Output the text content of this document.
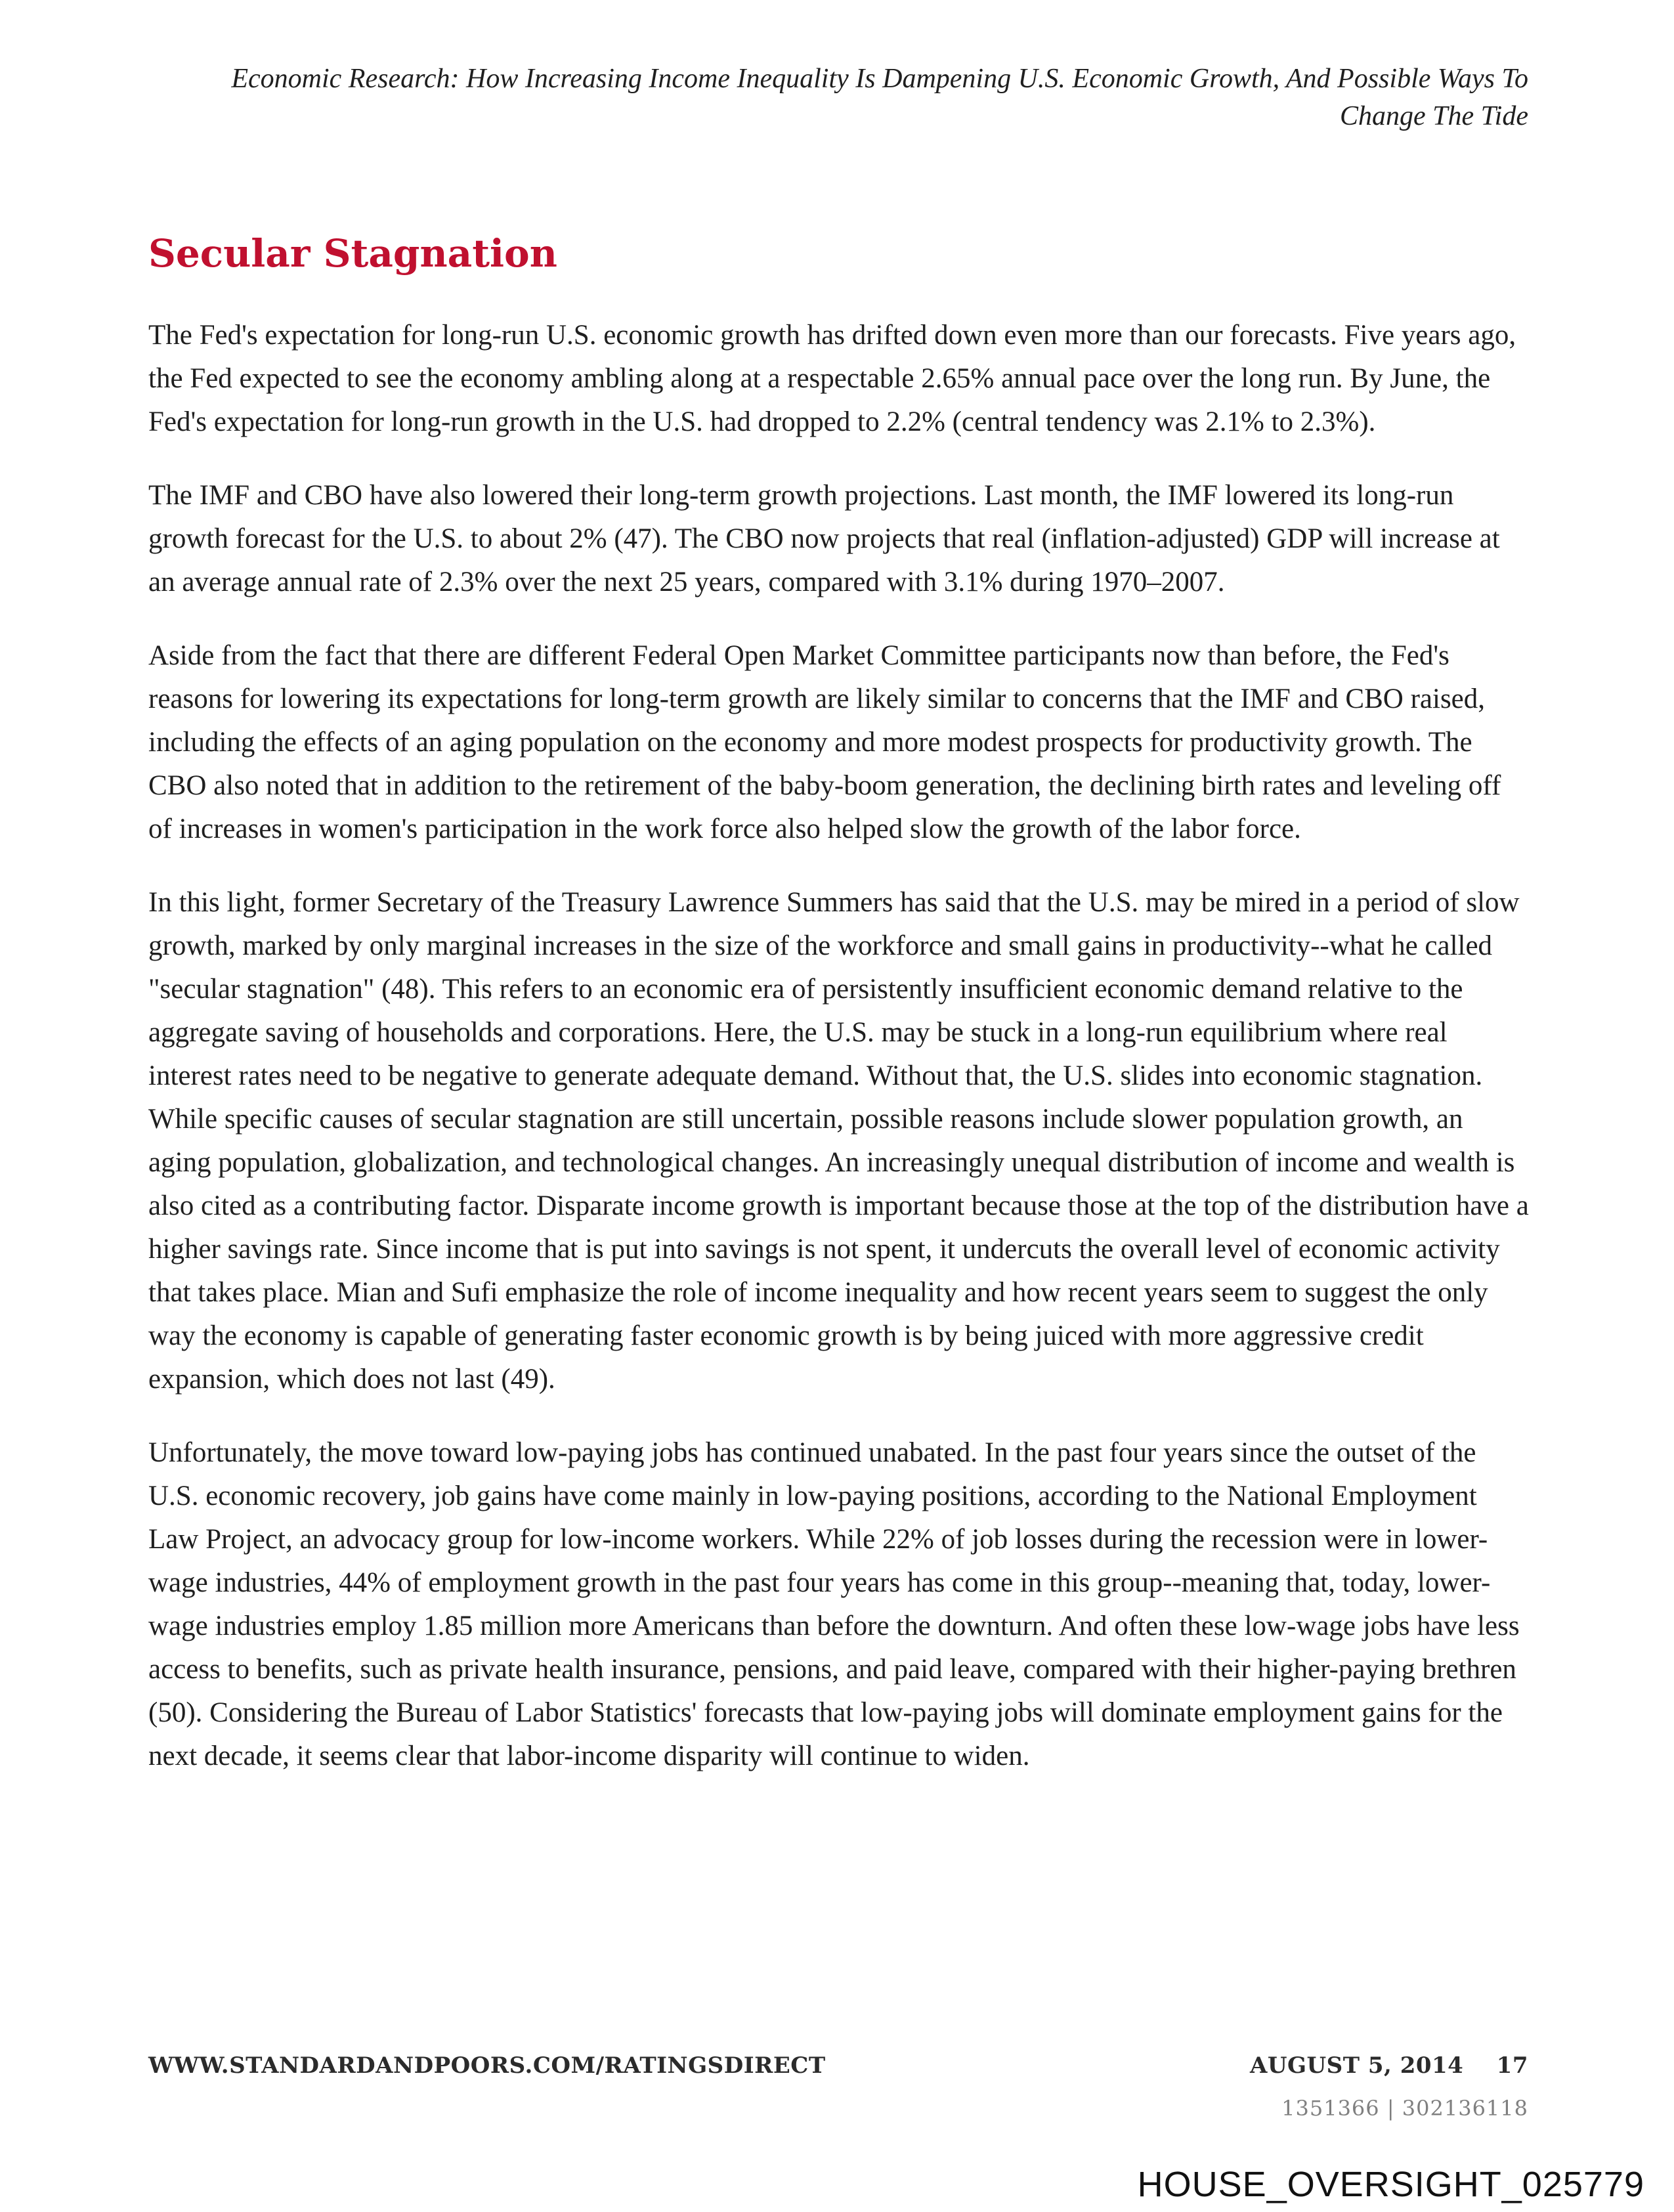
Economic Research: How Increasing Income Inequality Is Dampening U.S. Economic Growth, And Possible Ways To Change The Tide
Secular Stagnation

The Fed's expectation for long-run U.S. economic growth has drifted down even more than our forecasts. Five years ago, the Fed expected to see the economy ambling along at a respectable 2.65% annual pace over the long run. By June, the Fed's expectation for long-run growth in the U.S. had dropped to 2.2% (central tendency was 2.1% to 2.3%).

The IMF and CBO have also lowered their long-term growth projections. Last month, the IMF lowered its long-run growth forecast for the U.S. to about 2% (47). The CBO now projects that real (inflation-adjusted) GDP will increase at an average annual rate of 2.3% over the next 25 years, compared with 3.1% during 1970–2007.

Aside from the fact that there are different Federal Open Market Committee participants now than before, the Fed's reasons for lowering its expectations for long-term growth are likely similar to concerns that the IMF and CBO raised, including the effects of an aging population on the economy and more modest prospects for productivity growth. The CBO also noted that in addition to the retirement of the baby-boom generation, the declining birth rates and leveling off of increases in women's participation in the work force also helped slow the growth of the labor force.

In this light, former Secretary of the Treasury Lawrence Summers has said that the U.S. may be mired in a period of slow growth, marked by only marginal increases in the size of the workforce and small gains in productivity--what he called "secular stagnation" (48). This refers to an economic era of persistently insufficient economic demand relative to the aggregate saving of households and corporations. Here, the U.S. may be stuck in a long-run equilibrium where real interest rates need to be negative to generate adequate demand. Without that, the U.S. slides into economic stagnation. While specific causes of secular stagnation are still uncertain, possible reasons include slower population growth, an aging population, globalization, and technological changes. An increasingly unequal distribution of income and wealth is also cited as a contributing factor. Disparate income growth is important because those at the top of the distribution have a higher savings rate. Since income that is put into savings is not spent, it undercuts the overall level of economic activity that takes place. Mian and Sufi emphasize the role of income inequality and how recent years seem to suggest the only way the economy is capable of generating faster economic growth is by being juiced with more aggressive credit expansion, which does not last (49).

Unfortunately, the move toward low-paying jobs has continued unabated. In the past four years since the outset of the U.S. economic recovery, job gains have come mainly in low-paying positions, according to the National Employment Law Project, an advocacy group for low-income workers. While 22% of job losses during the recession were in lower-wage industries, 44% of employment growth in the past four years has come in this group--meaning that, today, lower-wage industries employ 1.85 million more Americans than before the downturn. And often these low-wage jobs have less access to benefits, such as private health insurance, pensions, and paid leave, compared with their higher-paying brethren (50). Considering the Bureau of Labor Statistics' forecasts that low-paying jobs will dominate employment gains for the next decade, it seems clear that labor-income disparity will continue to widen.

WWW.STANDARDANDPOORS.COM/RATINGSDIRECT	AUGUST 5, 2014 17
1351366 | 302136118
HOUSE_OVERSIGHT_025779
